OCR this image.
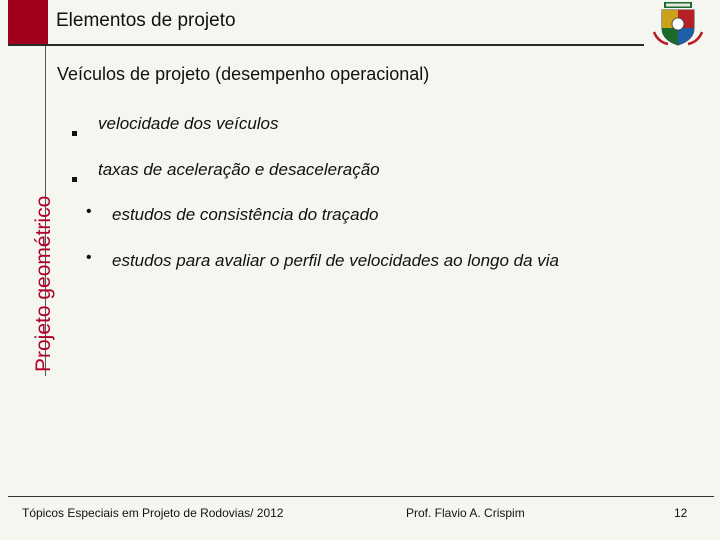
Elementos de projeto
Projeto geométrico
Veículos de projeto (desempenho operacional)
velocidade dos veículos
taxas de aceleração e desaceleração
• estudos de consistência do traçado
• estudos para avaliar o perfil de velocidades ao longo da via
Tópicos Especiais em Projeto de Rodovias/ 2012	Prof. Flavio A. Crispim	12
